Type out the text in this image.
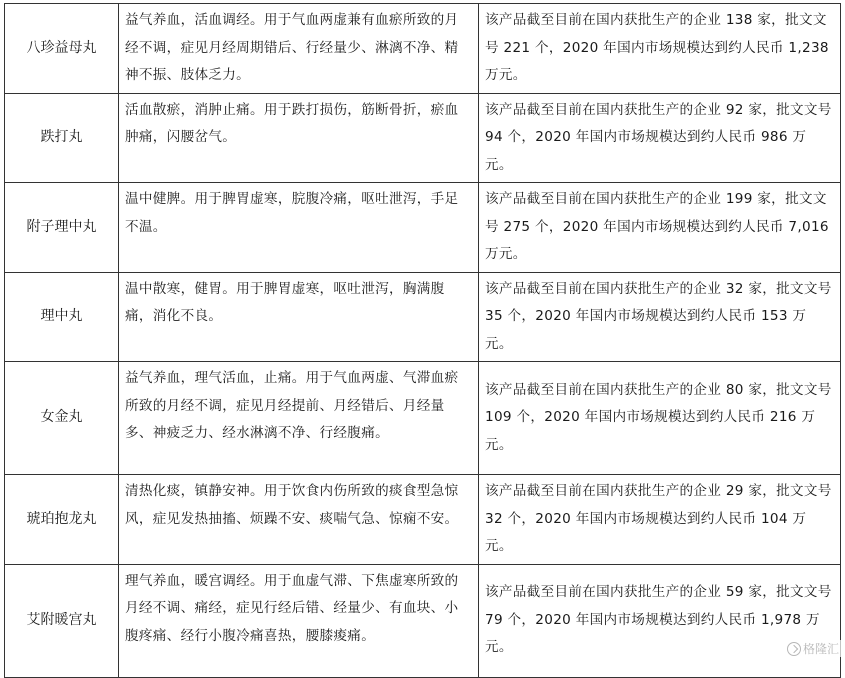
八珍益母丸	益气养血，活血调经。用于气血两虚兼有血瘀所致的月经不调，症见月经周期错后、行经量少、淋漓不净、精神不振、肢体乏力。	该产品截至目前在国内获批生产的企业 138 家，批文文号 221 个，2020 年国内市场规模达到约人民币 1,238 万元。
跌打丸	活血散瘀，消肿止痛。用于跌打损伤，筋断骨折，瘀血肿痛，闪腰岔气。	该产品截至目前在国内获批生产的企业 92 家，批文文号 94 个，2020 年国内市场规模达到约人民币 986 万元。
附子理中丸	温中健脾。用于脾胃虚寒，脘腹冷痛，呕吐泄泻，手足不温。	该产品截至目前在国内获批生产的企业 199 家，批文文号 275 个，2020 年国内市场规模达到约人民币 7,016 万元。
理中丸	温中散寒，健胃。用于脾胃虚寒，呕吐泄泻，胸满腹痛，消化不良。	该产品截至目前在国内获批生产的企业 32 家，批文文号 35 个，2020 年国内市场规模达到约人民币 153 万元。
女金丸	益气养血，理气活血，止痛。用于气血两虚、气滞血瘀所致的月经不调，症见月经提前、月经错后、月经量多、神疲乏力、经水淋漓不净、行经腹痛。	该产品截至目前在国内获批生产的企业 80 家，批文文号 109 个，2020 年国内市场规模达到约人民币 216 万元。
琥珀抱龙丸	清热化痰，镇静安神。用于饮食内伤所致的痰食型急惊风，症见发热抽搐、烦躁不安、痰喘气急、惊痫不安。	该产品截至目前在国内获批生产的企业 29 家，批文文号 32 个，2020 年国内市场规模达到约人民币 104 万元。
艾附暖宫丸	理气养血，暖宫调经。用于血虚气滞、下焦虚寒所致的月经不调、痛经，症见行经后错、经量少、有血块、小腹疼痛、经行小腹冷痛喜热，腰膝痠痛。	该产品截至目前在国内获批生产的企业 59 家，批文文号 79 个，2020 年国内市场规模达到约人民币 1,978 万元。	格隆汇
